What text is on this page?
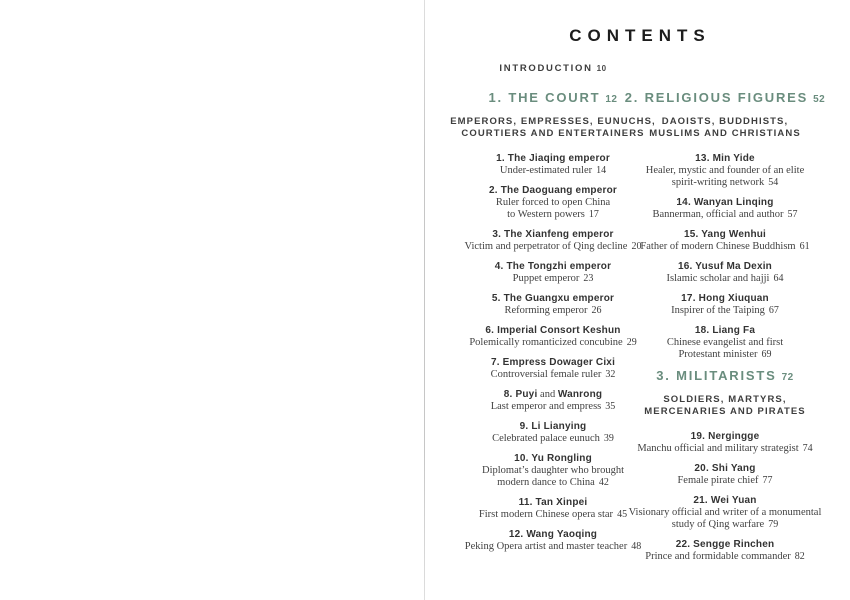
CONTENTS
INTRODUCTION 10
1. THE COURT 12
EMPERORS, EMPRESSES, EUNUCHS,
COURTIERS AND ENTERTAINERS
1. The Jiaqing emperor
Under-estimated ruler 14
2. The Daoguang emperor
Ruler forced to open China
to Western powers 17
3. The Xianfeng emperor
Victim and perpetrator of Qing decline 20
4. The Tongzhi emperor
Puppet emperor 23
5. The Guangxu emperor
Reforming emperor 26
6. Imperial Consort Keshun
Polemically romanticized concubine 29
7. Empress Dowager Cixi
Controversial female ruler 32
8. Puyi and Wanrong
Last emperor and empress 35
9. Li Lianying
Celebrated palace eunuch 39
10. Yu Rongling
Diplomat’s daughter who brought
modern dance to China 42
11. Tan Xinpei
First modern Chinese opera star 45
12. Wang Yaoqing
Peking Opera artist and master teacher 48
2. RELIGIOUS FIGURES 52
DAOISTS, BUDDHISTS,
MUSLIMS AND CHRISTIANS
13. Min Yide
Healer, mystic and founder of an elite
spirit-writing network 54
14. Wanyan Linqing
Bannerman, official and author 57
15. Yang Wenhui
Father of modern Chinese Buddhism 61
16. Yusuf Ma Dexin
Islamic scholar and hajji 64
17. Hong Xiuquan
Inspirer of the Taiping 67
18. Liang Fa
Chinese evangelist and first
Protestant minister 69
3. MILITARISTS 72
SOLDIERS, MARTYRS,
MERCENARIES AND PIRATES
19. Nergingge
Manchu official and military strategist 74
20. Shi Yang
Female pirate chief 77
21. Wei Yuan
Visionary official and writer of a monumental
study of Qing warfare 79
22. Sengge Rinchen
Prince and formidable commander 82
